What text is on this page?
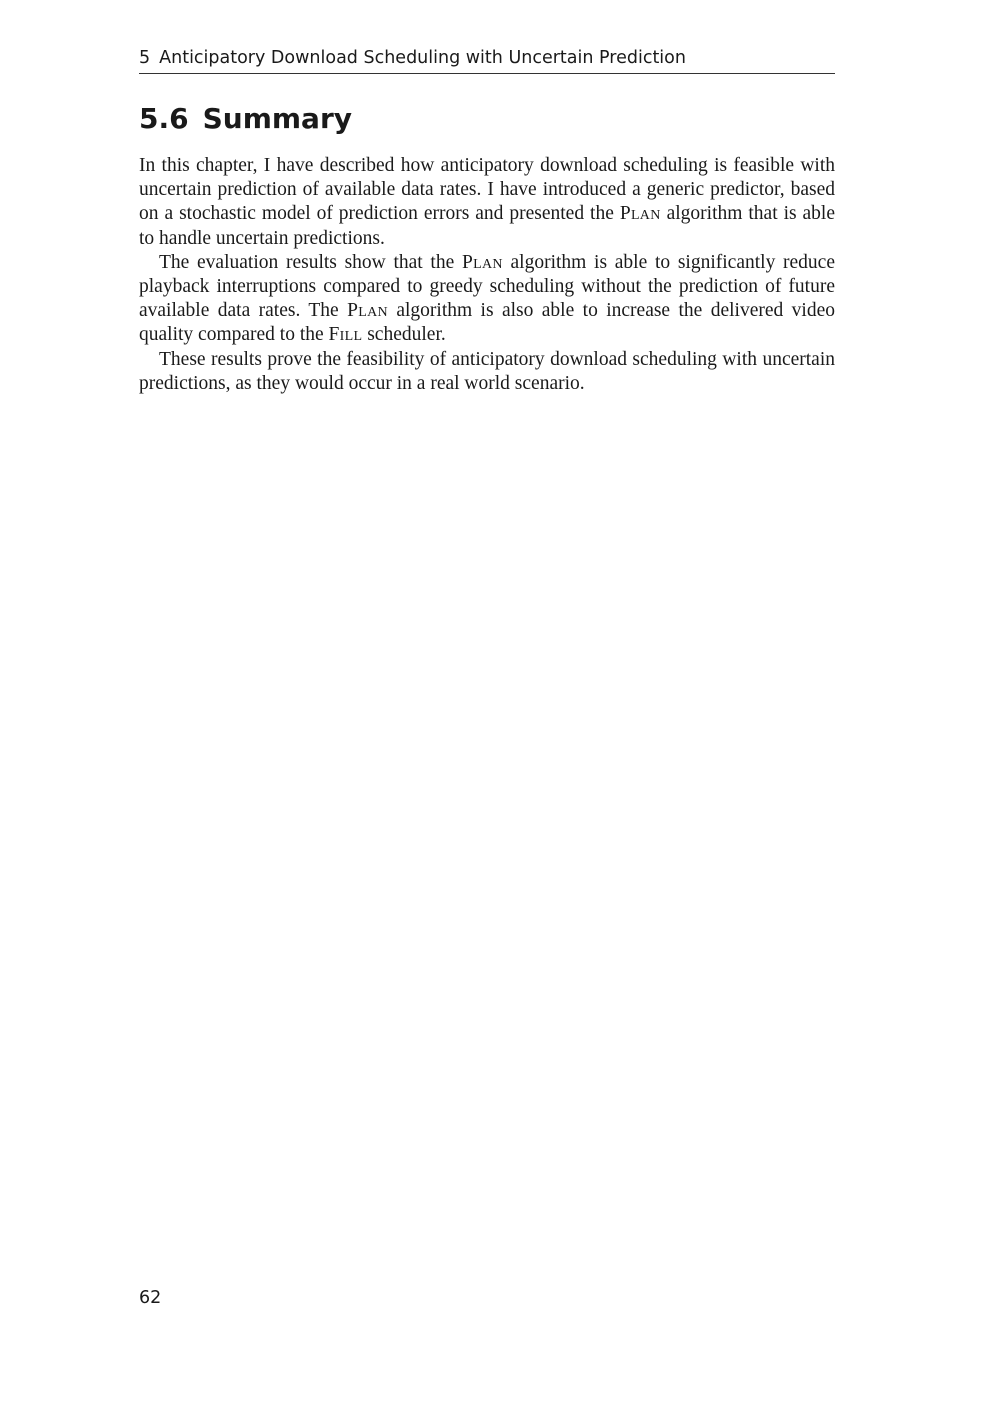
5 Anticipatory Download Scheduling with Uncertain Prediction
5.6 Summary

In this chapter, I have described how anticipatory download scheduling is feasible with uncertain prediction of available data rates. I have introduced a generic predictor, based on a stochastic model of prediction errors and presented the Plan algorithm that is able to handle uncertain predictions.

The evaluation results show that the Plan algorithm is able to significantly reduce playback interruptions compared to greedy scheduling without the prediction of future available data rates. The Plan algorithm is also able to increase the delivered video quality compared to the Fill scheduler.

These results prove the feasibility of anticipatory download scheduling with uncertain predictions, as they would occur in a real world scenario.

62
